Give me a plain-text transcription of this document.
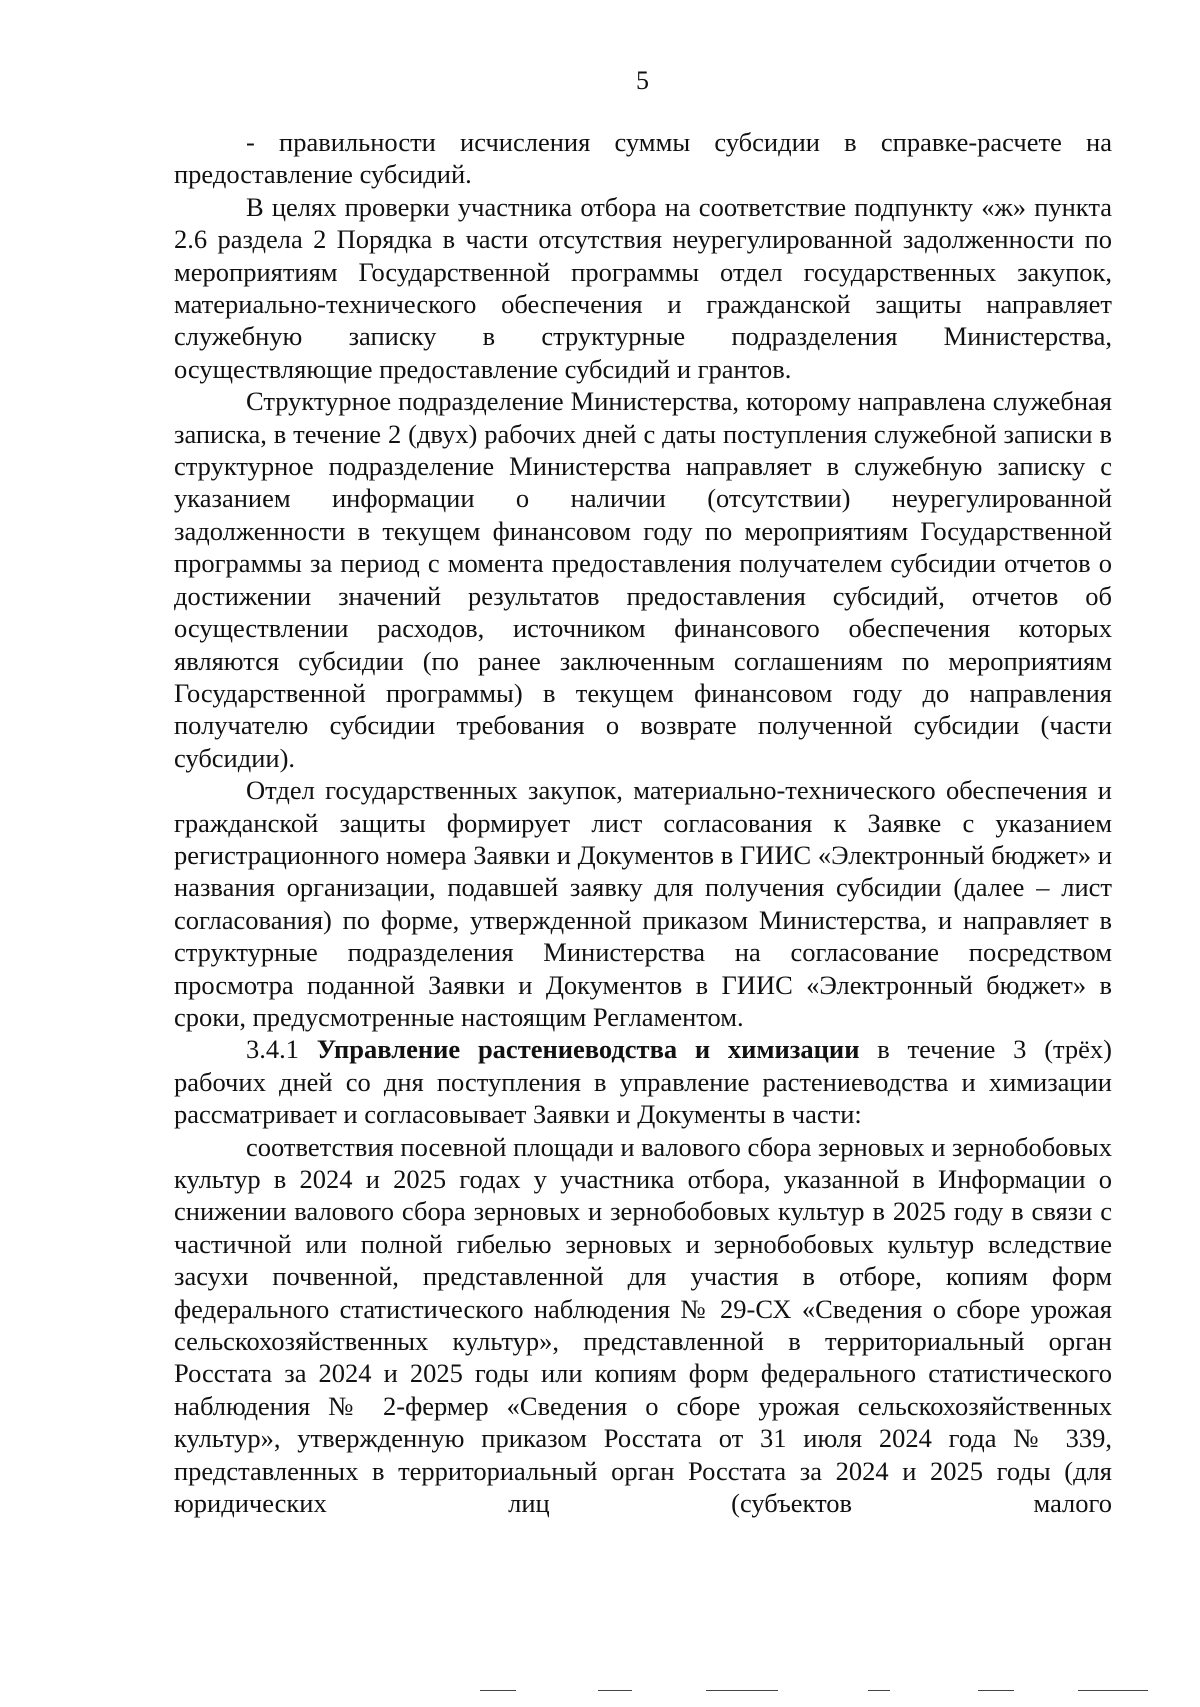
5

- правильности исчисления суммы субсидии в справке-расчете на предоставление субсидий.

В целях проверки участника отбора на соответствие подпункту «ж» пункта 2.6 раздела 2 Порядка в части отсутствия неурегулированной задолженности по мероприятиям Государственной программы отдел государственных закупок, материально-технического обеспечения и гражданской защиты направляет служебную записку в структурные подразделения Министерства, осуществляющие предоставление субсидий и грантов.

Структурное подразделение Министерства, которому направлена служебная записка, в течение 2 (двух) рабочих дней с даты поступления служебной записки в структурное подразделение Министерства направляет в служебную записку с указанием информации о наличии (отсутствии) неурегулированной задолженности в текущем финансовом году по мероприятиям Государственной программы за период с момента предоставления получателем субсидии отчетов о достижении значений результатов предоставления субсидий, отчетов об осуществлении расходов, источником финансового обеспечения которых являются субсидии (по ранее заключенным соглашениям по мероприятиям Государственной программы) в текущем финансовом году до направления получателю субсидии требования о возврате полученной субсидии (части субсидии).

Отдел государственных закупок, материально-технического обеспечения и гражданской защиты формирует лист согласования к Заявке с указанием регистрационного номера Заявки и Документов в ГИИС «Электронный бюджет» и названия организации, подавшей заявку для получения субсидии (далее – лист согласования) по форме, утвержденной приказом Министерства, и направляет в структурные подразделения Министерства на согласование посредством просмотра поданной Заявки и Документов в ГИИС «Электронный бюджет» в сроки, предусмотренные настоящим Регламентом.

3.4.1 Управление растениеводства и химизации в течение 3 (трёх) рабочих дней со дня поступления в управление растениеводства и химизации рассматривает и согласовывает Заявки и Документы в части:

соответствия посевной площади и валового сбора зерновых и зернобобовых культур в 2024 и 2025 годах у участника отбора, указанной в Информации о снижении валового сбора зерновых и зернобобовых культур в 2025 году в связи с частичной или полной гибелью зерновых и зернобобовых культур вследствие засухи почвенной, представленной для участия в отборе, копиям форм федерального статистического наблюдения № 29-СХ «Сведения о сборе урожая сельскохозяйственных культур», представленной в территориальный орган Росстата за 2024 и 2025 годы или копиям форм федерального статистического наблюдения № 2-фермер «Сведения о сборе урожая сельскохозяйственных культур», утвержденную приказом Росстата от 31 июля 2024 года № 339, представленных в территориальный орган Росстата за 2024 и 2025 годы (для юридических лиц (субъектов малого
